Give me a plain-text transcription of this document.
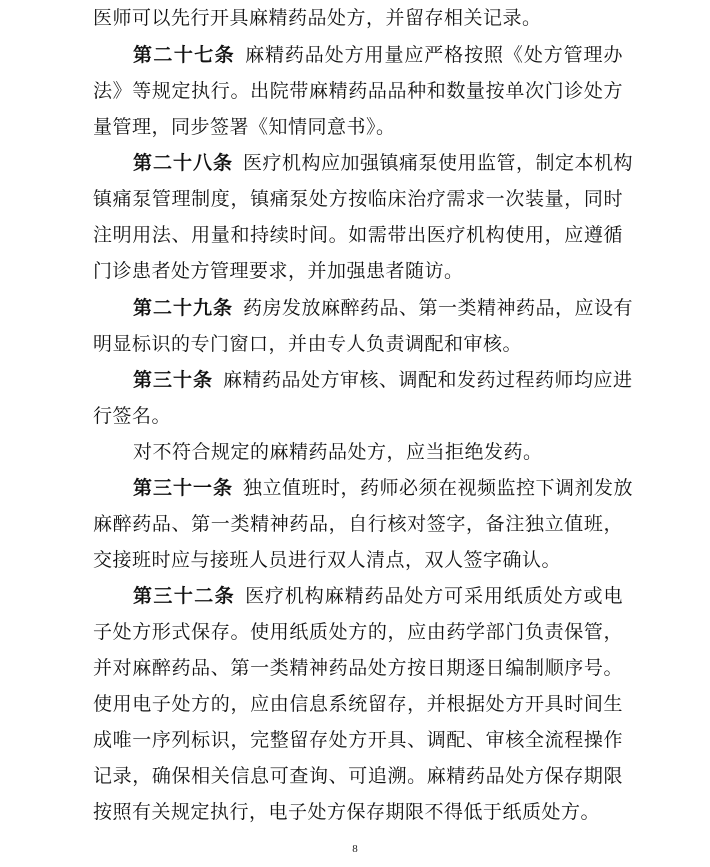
医师可以先行开具麻精药品处方，并留存相关记录。
第二十七条 麻精药品处方用量应严格按照《处方管理办
法》等规定执行。出院带麻精药品品种和数量按单次门诊处方
量管理，同步签署《知情同意书》。
第二十八条 医疗机构应加强镇痛泵使用监管，制定本机构
镇痛泵管理制度，镇痛泵处方按临床治疗需求一次装量，同时
注明用法、用量和持续时间。如需带出医疗机构使用，应遵循
门诊患者处方管理要求，并加强患者随访。
第二十九条 药房发放麻醉药品、第一类精神药品，应设有
明显标识的专门窗口，并由专人负责调配和审核。
第三十条 麻精药品处方审核、调配和发药过程药师均应进
行签名。
对不符合规定的麻精药品处方，应当拒绝发药。
第三十一条 独立值班时，药师必须在视频监控下调剂发放
麻醉药品、第一类精神药品，自行核对签字，备注独立值班，
交接班时应与接班人员进行双人清点，双人签字确认。
第三十二条 医疗机构麻精药品处方可采用纸质处方或电
子处方形式保存。使用纸质处方的，应由药学部门负责保管，
并对麻醉药品、第一类精神药品处方按日期逐日编制顺序号。
使用电子处方的，应由信息系统留存，并根据处方开具时间生
成唯一序列标识，完整留存处方开具、调配、审核全流程操作
记录，确保相关信息可查询、可追溯。麻精药品处方保存期限
按照有关规定执行，电子处方保存期限不得低于纸质处方。
8
